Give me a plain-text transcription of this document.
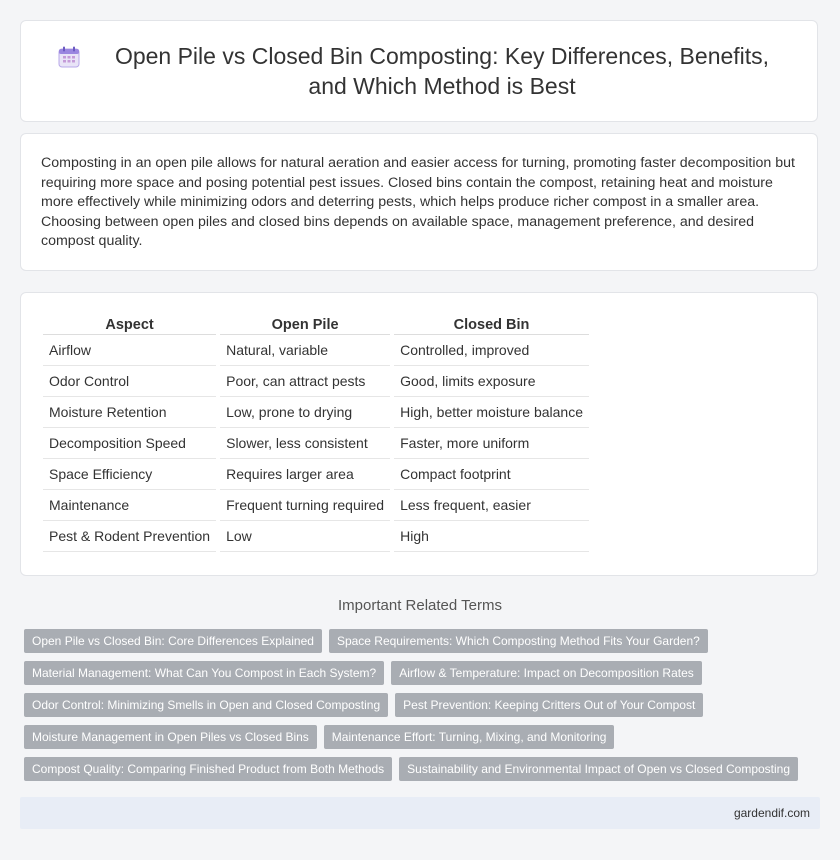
Open Pile vs Closed Bin Composting: Key Differences, Benefits, and Which Method is Best

Composting in an open pile allows for natural aeration and easier access for turning, promoting faster decomposition but requiring more space and posing potential pest issues. Closed bins contain the compost, retaining heat and moisture more effectively while minimizing odors and deterring pests, which helps produce richer compost in a smaller area. Choosing between open piles and closed bins depends on available space, management preference, and desired compost quality.

Aspect	Open Pile	Closed Bin
Airflow	Natural, variable	Controlled, improved
Odor Control	Poor, can attract pests	Good, limits exposure
Moisture Retention	Low, prone to drying	High, better moisture balance
Decomposition Speed	Slower, less consistent	Faster, more uniform
Space Efficiency	Requires larger area	Compact footprint
Maintenance	Frequent turning required	Less frequent, easier
Pest & Rodent Prevention	Low	High
Important Related Terms
Open Pile vs Closed Bin: Core Differences Explained	Space Requirements: Which Composting Method Fits Your Garden?
Material Management: What Can You Compost in Each System?	Airflow & Temperature: Impact on Decomposition Rates
Odor Control: Minimizing Smells in Open and Closed Composting	Pest Prevention: Keeping Critters Out of Your Compost
Moisture Management in Open Piles vs Closed Bins	Maintenance Effort: Turning, Mixing, and Monitoring
Compost Quality: Comparing Finished Product from Both Methods	Sustainability and Environmental Impact of Open vs Closed Composting
gardendif.com
